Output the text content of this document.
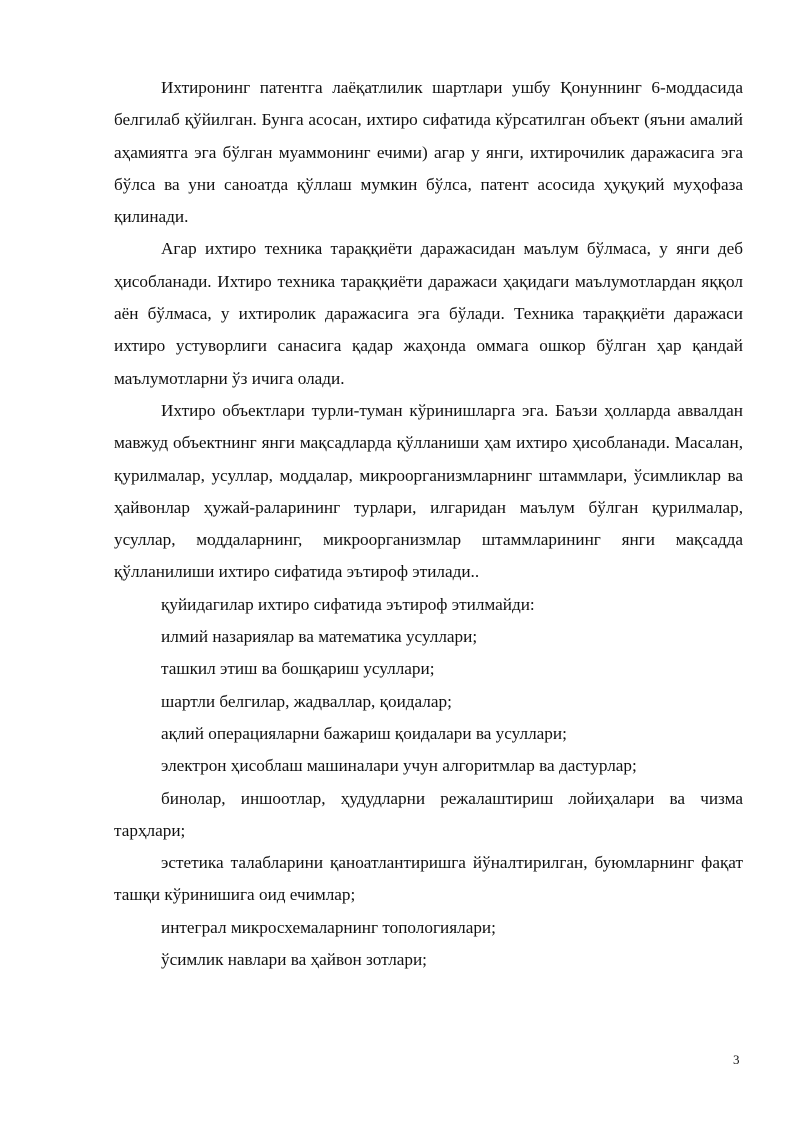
Ихтиронинг патентга лаёқатлилик шартлари ушбу Қонуннинг 6-моддасида белгилаб қўйилган. Бунга асосан, ихтиро сифатида кўрсатилган объект (яъни амалий аҳамиятга эга бўлган муаммонинг ечими) агар у янги, ихтирочилик даражасига эга бўлса ва уни саноатда қўллаш мумкин бўлса, патент асосида ҳуқуқий муҳофаза қилинади.

Агар ихтиро техника тараққиёти даражасидан маълум бўлмаса, у янги деб ҳисобланади. Ихтиро техника тараққиёти даражаси ҳақидаги маълумотлардан яққол аён бўлмаса, у ихтиролик даражасига эга бўлади. Техника тараққиёти даражаси ихтиро устуворлиги санасига қадар жаҳонда оммага ошкор бўлган ҳар қандай маълумотларни ўз ичига олади.

Ихтиро объектлари турли-туман кўринишларга эга. Баъзи ҳолларда аввалдан мавжуд объектнинг янги мақсадларда қўлланиши ҳам ихтиро ҳисобланади. Масалан, қурилмалар, усуллар, моддалар, микроорганизмларнинг штаммлари, ўсимликлар ва ҳайвонлар ҳужай-раларининг турлари, илгаридан маълум бўлган қурилмалар, усуллар, моддаларнинг, микроорганизмлар штаммларининг янги мақсадда қўлланилиши ихтиро сифатида эътироф этилади..

қуйидагилар ихтиро сифатида эътироф этилмайди:

илмий назариялар ва математика усуллари;

ташкил этиш ва бошқариш усуллари;

шартли белгилар, жадваллар, қоидалар;

ақлий операцияларни бажариш қоидалари ва усуллари;

электрон ҳисоблаш машиналари учун алгоритмлар ва дастурлар;

бинолар, иншоотлар, ҳудудларни режалаштириш лойиҳалари ва чизма тарҳлари;

эстетика талабларини қаноатлантиришга йўналтирилган, буюмларнинг фақат ташқи кўринишига оид ечимлар;

интеграл микросхемаларнинг топологиялари;

ўсимлик навлари ва ҳайвон зотлари;

3
